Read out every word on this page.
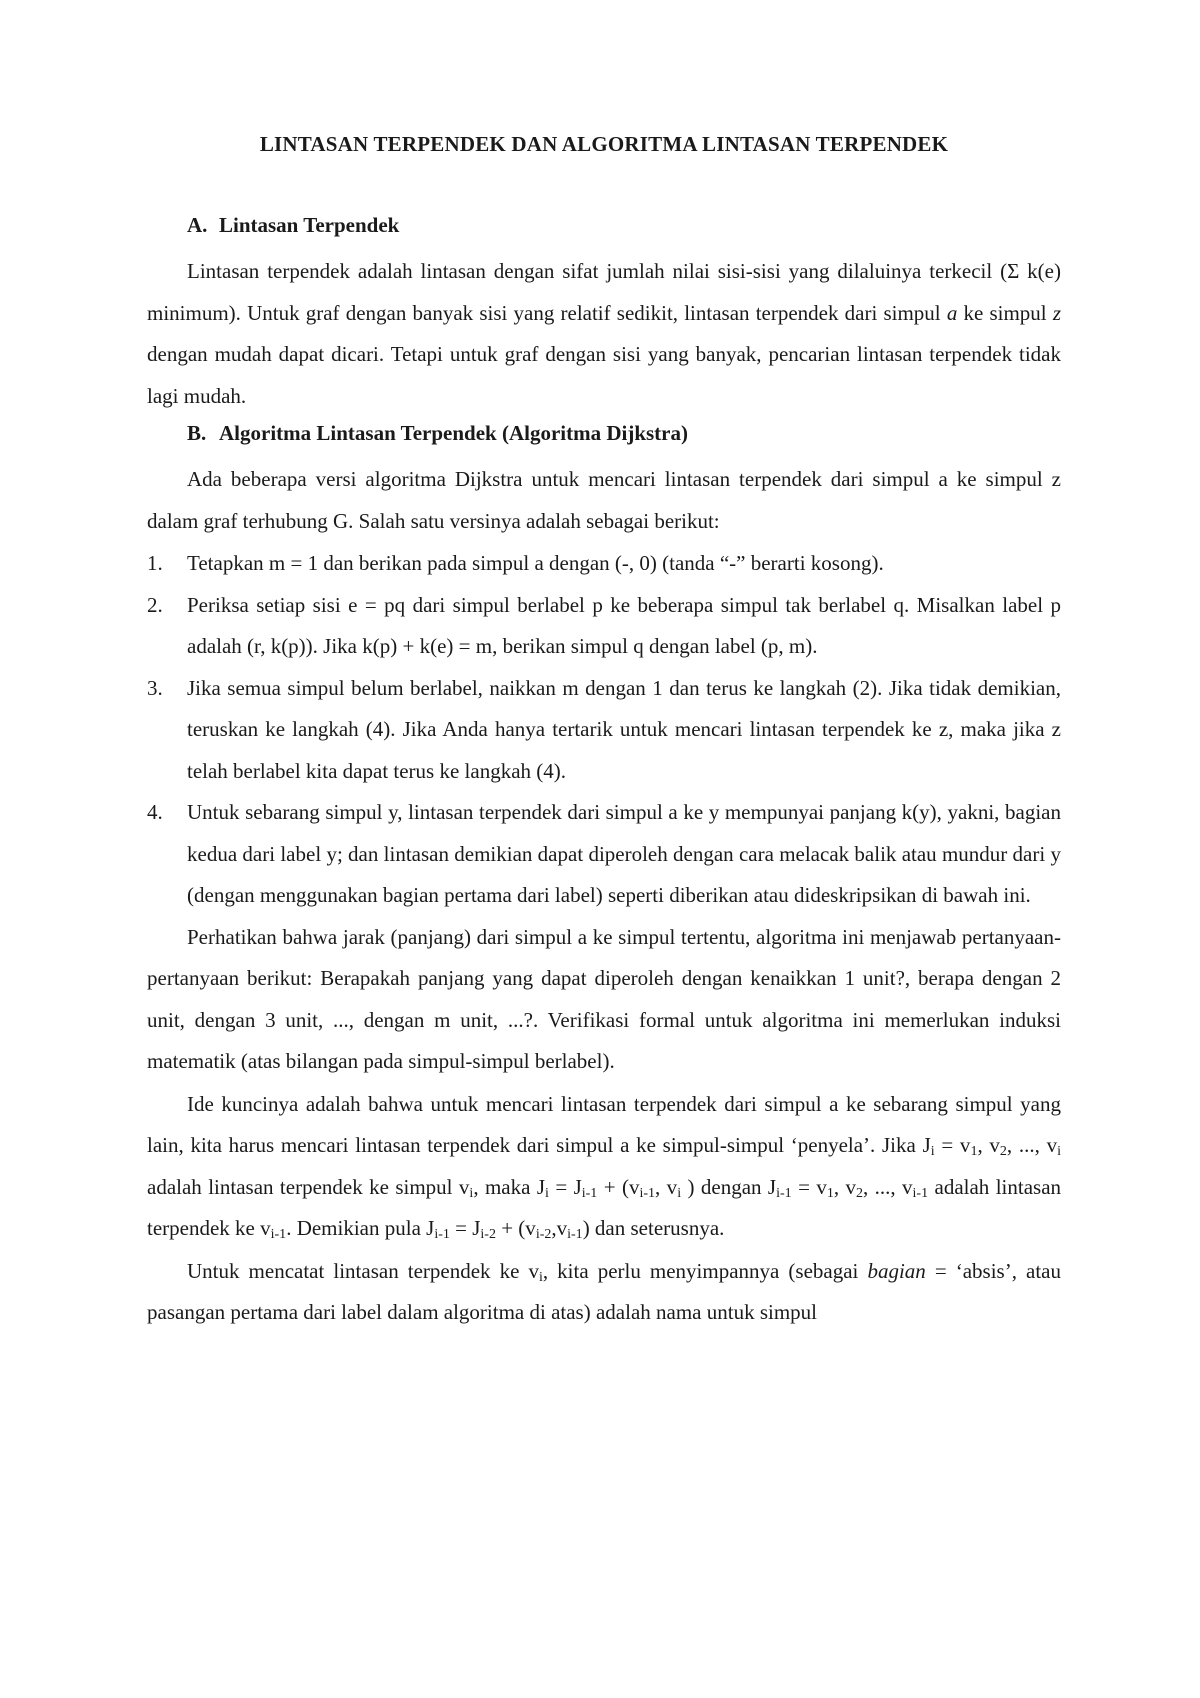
LINTASAN TERPENDEK DAN ALGORITMA LINTASAN TERPENDEK
A. Lintasan Terpendek

Lintasan terpendek adalah lintasan dengan sifat jumlah nilai sisi-sisi yang dilaluinya terkecil (Σ k(e) minimum). Untuk graf dengan banyak sisi yang relatif sedikit, lintasan terpendek dari simpul a ke simpul z dengan mudah dapat dicari. Tetapi untuk graf dengan sisi yang banyak, pencarian lintasan terpendek tidak lagi mudah.

B. Algoritma Lintasan Terpendek (Algoritma Dijkstra)

Ada beberapa versi algoritma Dijkstra untuk mencari lintasan terpendek dari simpul a ke simpul z dalam graf terhubung G. Salah satu versinya adalah sebagai berikut:

1. Tetapkan m = 1 dan berikan pada simpul a dengan (-, 0) (tanda “-” berarti kosong).
2. Periksa setiap sisi e = pq dari simpul berlabel p ke beberapa simpul tak berlabel q. Misalkan label p adalah (r, k(p)). Jika k(p) + k(e) = m, berikan simpul q dengan label (p, m).
3. Jika semua simpul belum berlabel, naikkan m dengan 1 dan terus ke langkah (2). Jika tidak demikian, teruskan ke langkah (4). Jika Anda hanya tertarik untuk mencari lintasan terpendek ke z, maka jika z telah berlabel kita dapat terus ke langkah (4).
4. Untuk sebarang simpul y, lintasan terpendek dari simpul a ke y mempunyai panjang k(y), yakni, bagian kedua dari label y; dan lintasan demikian dapat diperoleh dengan cara melacak balik atau mundur dari y (dengan menggunakan bagian pertama dari label) seperti diberikan atau dideskripsikan di bawah ini.

Perhatikan bahwa jarak (panjang) dari simpul a ke simpul tertentu, algoritma ini menjawab pertanyaan-pertanyaan berikut: Berapakah panjang yang dapat diperoleh dengan kenaikkan 1 unit?, berapa dengan 2 unit, dengan 3 unit, ..., dengan m unit, ...?. Verifikasi formal untuk algoritma ini memerlukan induksi matematik (atas bilangan pada simpul-simpul berlabel).

Ide kuncinya adalah bahwa untuk mencari lintasan terpendek dari simpul a ke sebarang simpul yang lain, kita harus mencari lintasan terpendek dari simpul a ke simpul-simpul ‘penyela’. Jika $J_i = v_1$, $v_2$, ..., $v_i$ adalah lintasan terpendek ke simpul $v_i$, maka $J_i = J_{i-1} + (v_{i-1}$, $v_i$ ) dengan $J_{i-1} = v_1$, $v_2$, ..., $v_{i-1}$ adalah lintasan terpendek ke $v_{i-1}$. Demikian pula $J_{i-1} = J_{i-2} + (v_{i-2},v_{i-1})$ dan seterusnya.

Untuk mencatat lintasan terpendek ke $v_i$, kita perlu menyimpannya (sebagai bagian = ‘absis’, atau pasangan pertama dari label dalam algoritma di atas) adalah nama untuk simpul
